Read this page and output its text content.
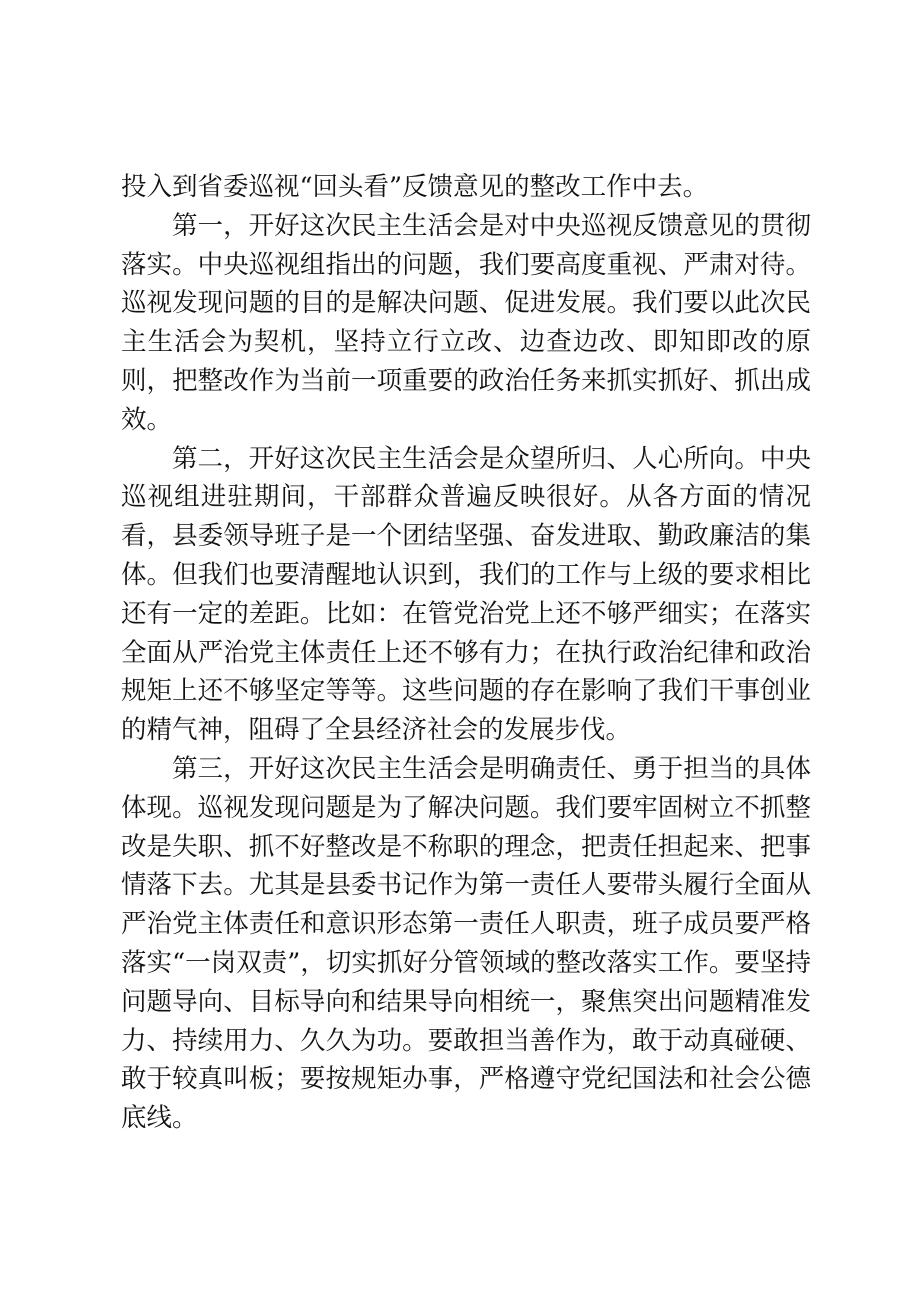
投入到省委巡视“回头看”反馈意见的整改工作中去。

第一，开好这次民主生活会是对中央巡视反馈意见的贯彻落实。中央巡视组指出的问题，我们要高度重视、严肃对待。巡视发现问题的目的是解决问题、促进发展。我们要以此次民主生活会为契机，坚持立行立改、边查边改、即知即改的原则，把整改作为当前一项重要的政治任务来抓实抓好、抓出成效。

第二，开好这次民主生活会是众望所归、人心所向。中央巡视组进驻期间，干部群众普遍反映很好。从各方面的情况看，县委领导班子是一个团结坚强、奋发进取、勤政廉洁的集体。但我们也要清醒地认识到，我们的工作与上级的要求相比还有一定的差距。比如：在管党治党上还不够严细实；在落实全面从严治党主体责任上还不够有力；在执行政治纪律和政治规矩上还不够坚定等等。这些问题的存在影响了我们干事创业的精气神，阻碍了全县经济社会的发展步伐。

第三，开好这次民主生活会是明确责任、勇于担当的具体体现。巡视发现问题是为了解决问题。我们要牢固树立不抓整改是失职、抓不好整改是不称职的理念，把责任担起来、把事情落下去。尤其是县委书记作为第一责任人要带头履行全面从严治党主体责任和意识形态第一责任人职责，班子成员要严格落实“一岗双责”，切实抓好分管领域的整改落实工作。要坚持问题导向、目标导向和结果导向相统一，聚焦突出问题精准发力、持续用力、久久为功。要敢担当善作为，敢于动真碰硬、敢于较真叫板；要按规矩办事，严格遵守党纪国法和社会公德底线。
